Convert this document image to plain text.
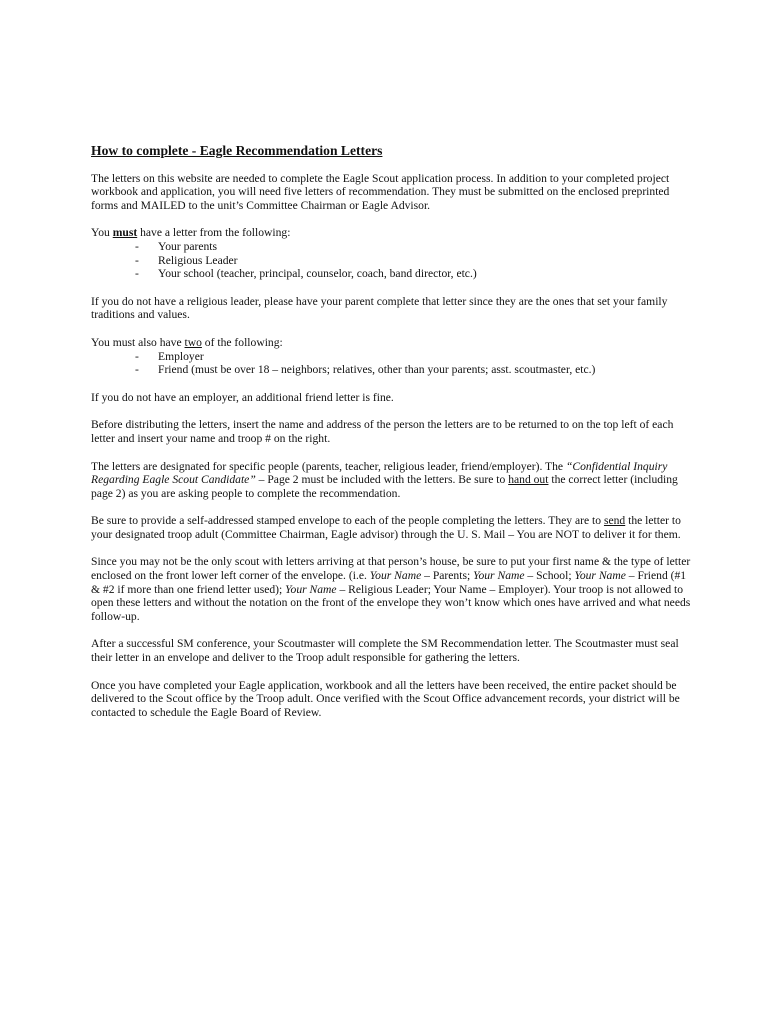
How to complete - Eagle Recommendation Letters

The letters on this website are needed to complete the Eagle Scout application process. In addition to your completed project workbook and application, you will need five letters of recommendation. They must be submitted on the enclosed preprinted forms and MAILED to the unit’s Committee Chairman or Eagle Advisor.

You must have a letter from the following:

- Your parents
- Religious Leader
- Your school (teacher, principal, counselor, coach, band director, etc.)

If you do not have a religious leader, please have your parent complete that letter since they are the ones that set your family traditions and values.

You must also have two of the following:

- Employer
- Friend (must be over 18 – neighbors; relatives, other than your parents; asst. scoutmaster, etc.)

If you do not have an employer, an additional friend letter is fine.

Before distributing the letters, insert the name and address of the person the letters are to be returned to on the top left of each letter and insert your name and troop # on the right.

The letters are designated for specific people (parents, teacher, religious leader, friend/employer). The “Confidential Inquiry Regarding Eagle Scout Candidate” – Page 2 must be included with the letters. Be sure to hand out the correct letter (including page 2) as you are asking people to complete the recommendation.

Be sure to provide a self-addressed stamped envelope to each of the people completing the letters. They are to send the letter to your designated troop adult (Committee Chairman, Eagle advisor) through the U. S. Mail – You are NOT to deliver it for them.

Since you may not be the only scout with letters arriving at that person’s house, be sure to put your first name & the type of letter enclosed on the front lower left corner of the envelope. (i.e. Your Name – Parents; Your Name – School; Your Name – Friend (#1 & #2 if more than one friend letter used); Your Name – Religious Leader; Your Name – Employer). Your troop is not allowed to open these letters and without the notation on the front of the envelope they won’t know which ones have arrived and what needs follow-up.

After a successful SM conference, your Scoutmaster will complete the SM Recommendation letter. The Scoutmaster must seal their letter in an envelope and deliver to the Troop adult responsible for gathering the letters.

Once you have completed your Eagle application, workbook and all the letters have been received, the entire packet should be delivered to the Scout office by the Troop adult. Once verified with the Scout Office advancement records, your district will be contacted to schedule the Eagle Board of Review.
